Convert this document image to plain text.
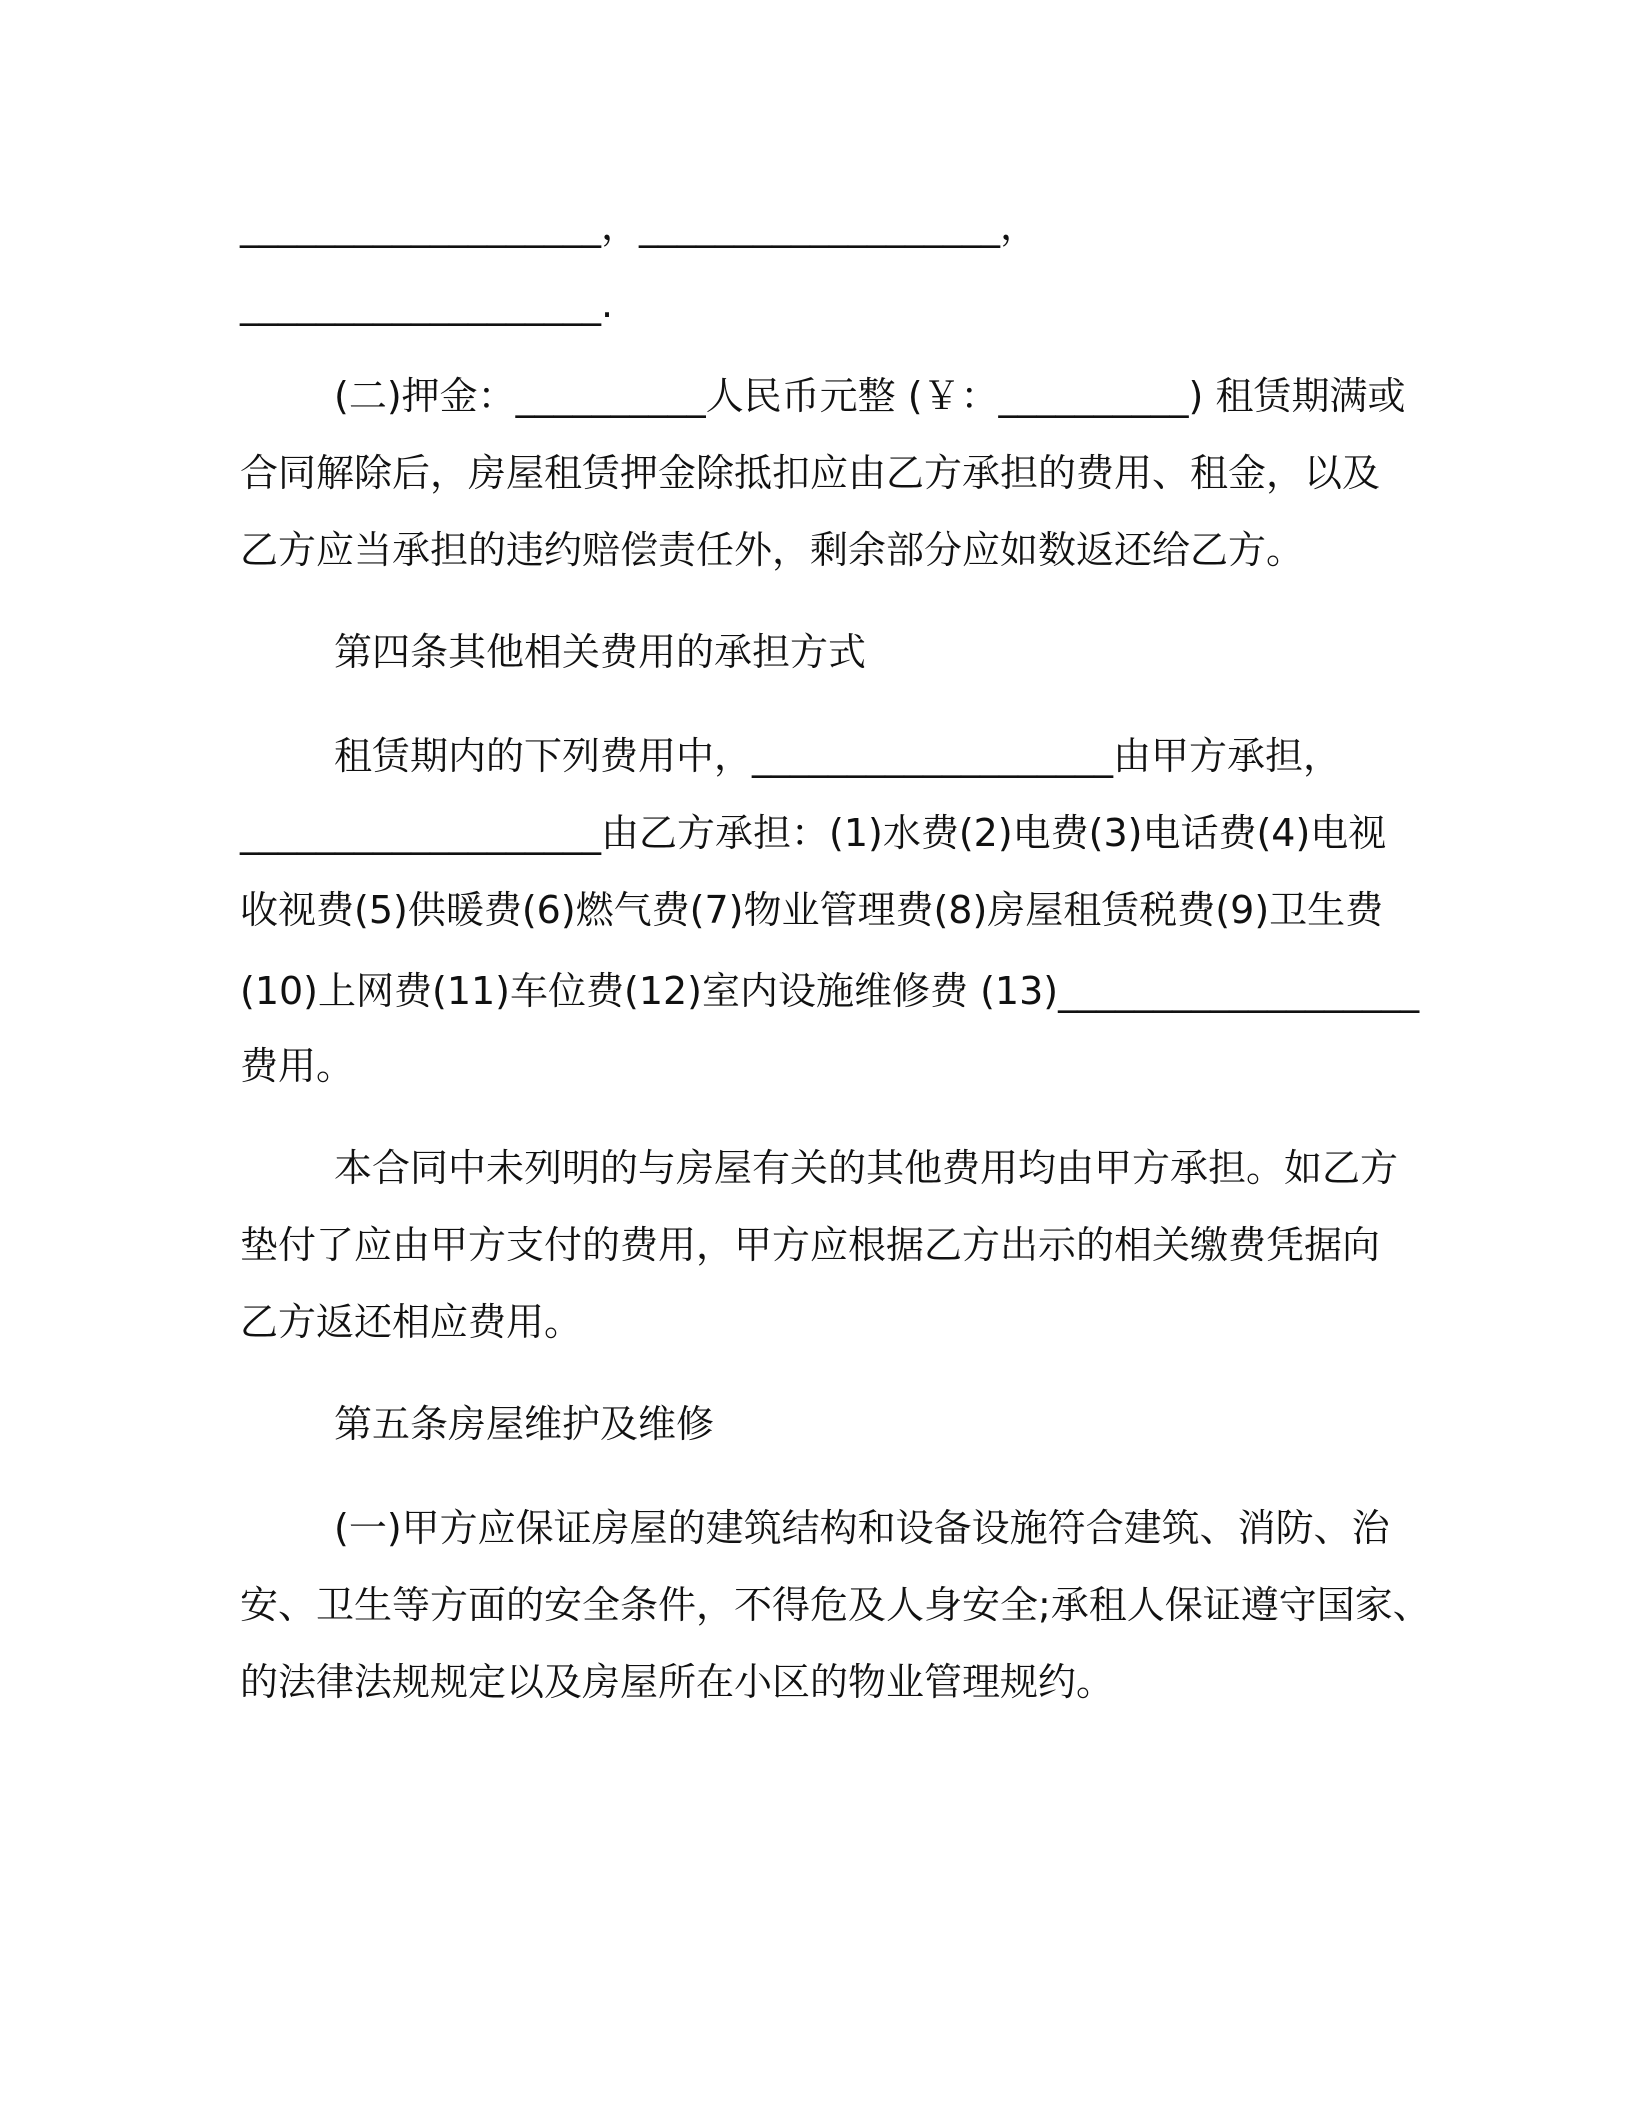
___________________，___________________，
___________________.
(二)押金：__________人民币元整 (￥：__________) 租赁期满或
合同解除后，房屋租赁押金除抵扣应由乙方承担的费用、租金，以及
乙方应当承担的违约赔偿责任外，剩余部分应如数返还给乙方。
第四条其他相关费用的承担方式
租赁期内的下列费用中，___________________由甲方承担，
___________________由乙方承担：(1)水费(2)电费(3)电话费(4)电视
收视费(5)供暖费(6)燃气费(7)物业管理费(8)房屋租赁税费(9)卫生费
(10)上网费(11)车位费(12)室内设施维修费 (13)___________________
费用。
本合同中未列明的与房屋有关的其他费用均由甲方承担。如乙方
垫付了应由甲方支付的费用，甲方应根据乙方出示的相关缴费凭据向
乙方返还相应费用。
第五条房屋维护及维修
(一)甲方应保证房屋的建筑结构和设备设施符合建筑、消防、治
安、卫生等方面的安全条件，不得危及人身安全;承租人保证遵守国家、
的法律法规规定以及房屋所在小区的物业管理规约。
